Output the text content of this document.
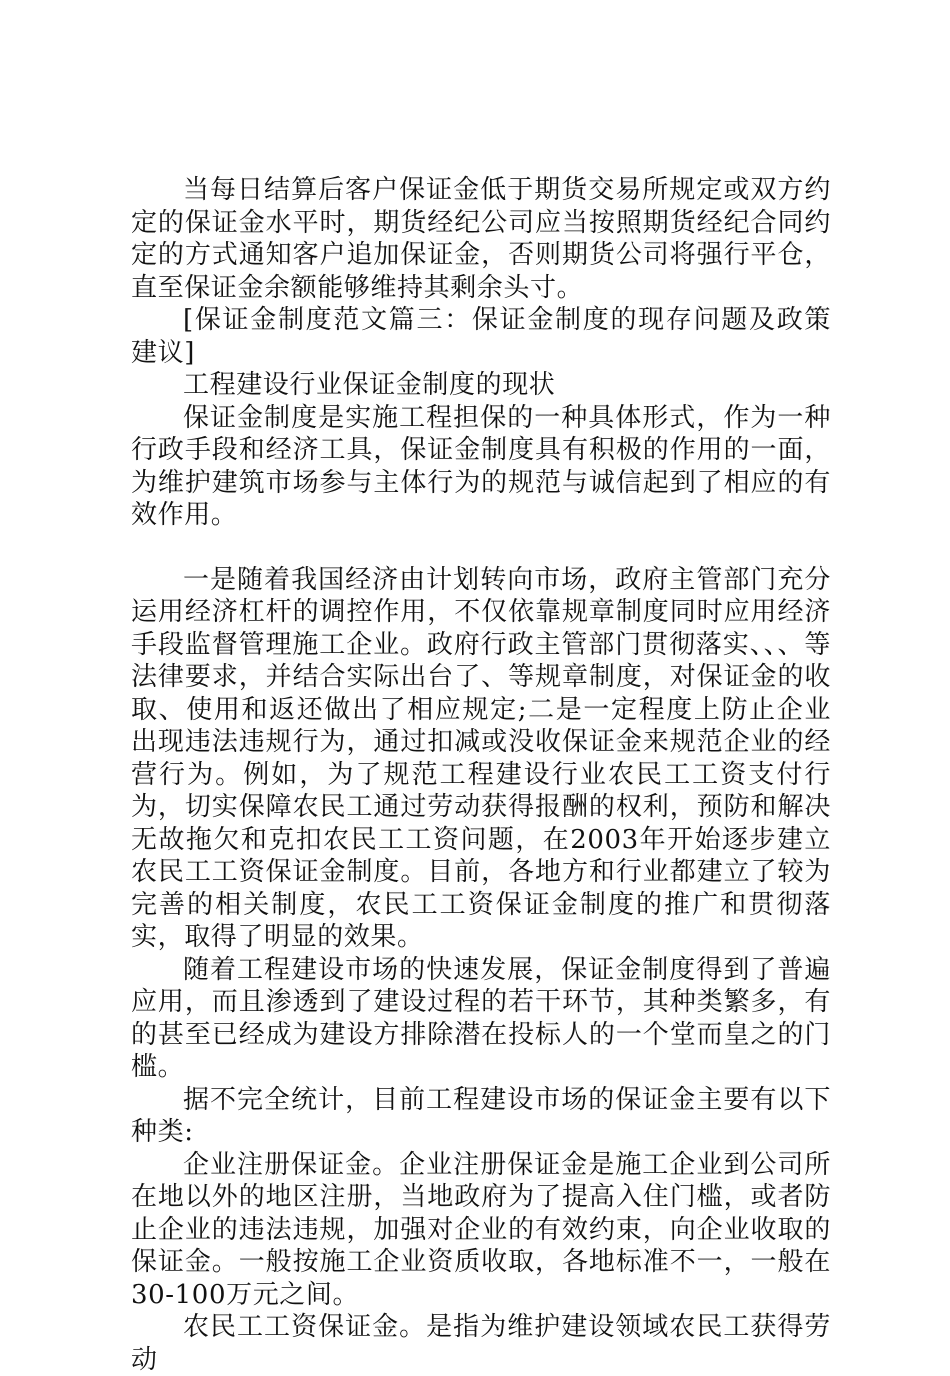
当每日结算后客户保证金低于期货交易所规定或双方约定的保证金水平时，期货经纪公司应当按照期货经纪合同约定的方式通知客户追加保证金，否则期货公司将强行平仓，直至保证金余额能够维持其剩余头寸。

[保证金制度范文篇三：保证金制度的现存问题及政策建议]

工程建设行业保证金制度的现状

保证金制度是实施工程担保的一种具体形式，作为一种行政手段和经济工具，保证金制度具有积极的作用的一面，为维护建筑市场参与主体行为的规范与诚信起到了相应的有效作用。

一是随着我国经济由计划转向市场，政府主管部门充分运用经济杠杆的调控作用，不仅依靠规章制度同时应用经济手段监督管理施工企业。政府行政主管部门贯彻落实、、、等法律要求，并结合实际出台了、等规章制度，对保证金的收取、使用和返还做出了相应规定;二是一定程度上防止企业出现违法违规行为，通过扣减或没收保证金来规范企业的经营行为。例如，为了规范工程建设行业农民工工资支付行为，切实保障农民工通过劳动获得报酬的权利，预防和解决无故拖欠和克扣农民工工资问题，在2003年开始逐步建立农民工工资保证金制度。目前，各地方和行业都建立了较为完善的相关制度，农民工工资保证金制度的推广和贯彻落实，取得了明显的效果。

随着工程建设市场的快速发展，保证金制度得到了普遍应用，而且渗透到了建设过程的若干环节，其种类繁多，有的甚至已经成为建设方排除潜在投标人的一个堂而皇之的门槛。

据不完全统计，目前工程建设市场的保证金主要有以下种类:

企业注册保证金。企业注册保证金是施工企业到公司所在地以外的地区注册，当地政府为了提高入住门槛，或者防止企业的违法违规，加强对企业的有效约束，向企业收取的保证金。一般按施工企业资质收取，各地标准不一，一般在30-100万元之间。

农民工工资保证金。是指为维护建设领域农民工获得劳动
